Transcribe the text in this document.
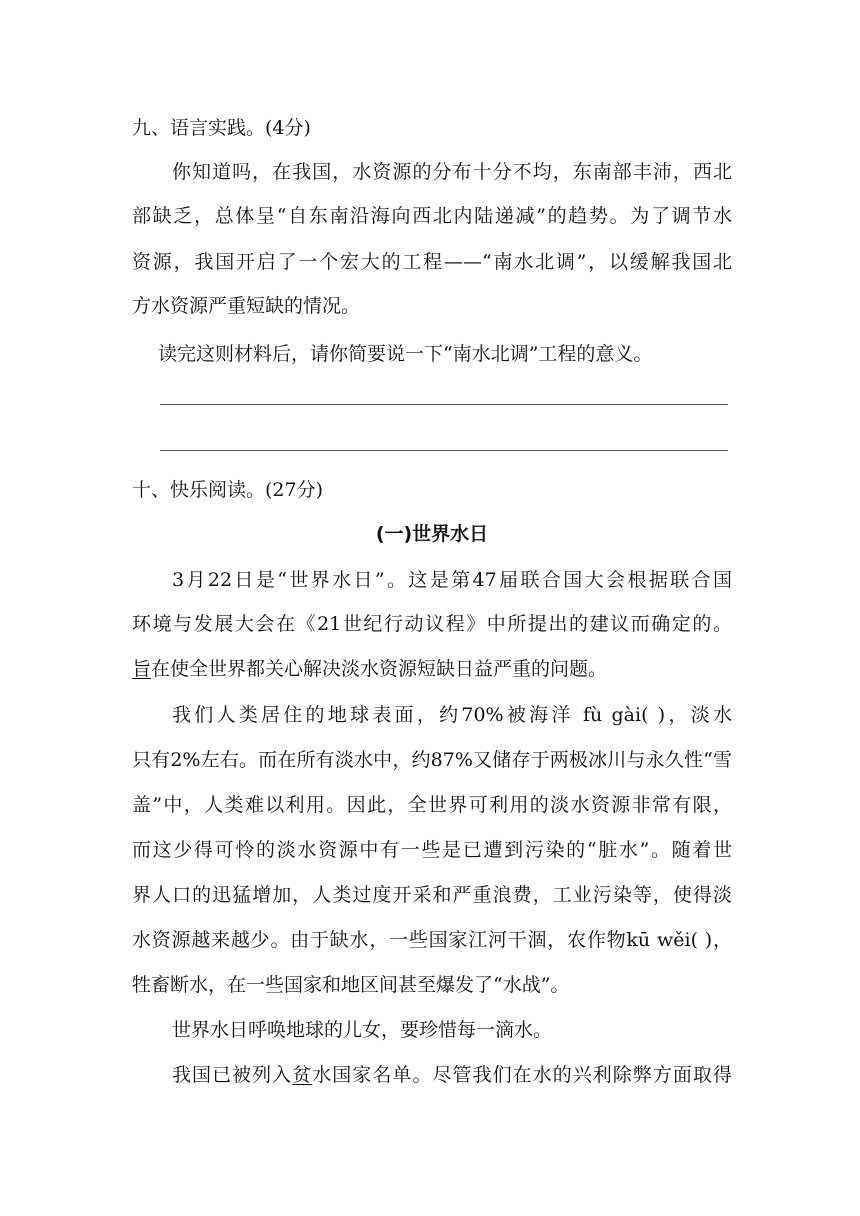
九、语言实践。(4分)
你知道吗，在我国，水资源的分布十分不均，东南部丰沛，西北
部缺乏，总体呈“自东南沿海向西北内陆递减”的趋势。为了调节水
资源，我国开启了一个宏大的工程——“南水北调”，以缓解我国北
方水资源严重短缺的情况。
读完这则材料后，请你简要说一下“南水北调”工程的意义。
十、快乐阅读。(27分)
(一)世界水日
3月22日是“世界水日”。这是第47届联合国大会根据联合国
环境与发展大会在《21世纪行动议程》中所提出的建议而确定的。
旨在使全世界都关心解决淡水资源短缺日益严重的问题。
我们人类居住的地球表面，约70%被海洋 fù gài( )，淡水
只有2%左右。而在所有淡水中，约87%又储存于两极冰川与永久性“雪
盖”中，人类难以利用。因此，全世界可利用的淡水资源非常有限，
而这少得可怜的淡水资源中有一些是已遭到污染的“脏水”。随着世
界人口的迅猛增加，人类过度开采和严重浪费，工业污染等，使得淡
水资源越来越少。由于缺水，一些国家江河干涸，农作物kū wěi( )，
牲畜断水，在一些国家和地区间甚至爆发了“水战”。
世界水日呼唤地球的儿女，要珍惜每一滴水。
我国已被列入贫水国家名单。尽管我们在水的兴利除弊方面取得
